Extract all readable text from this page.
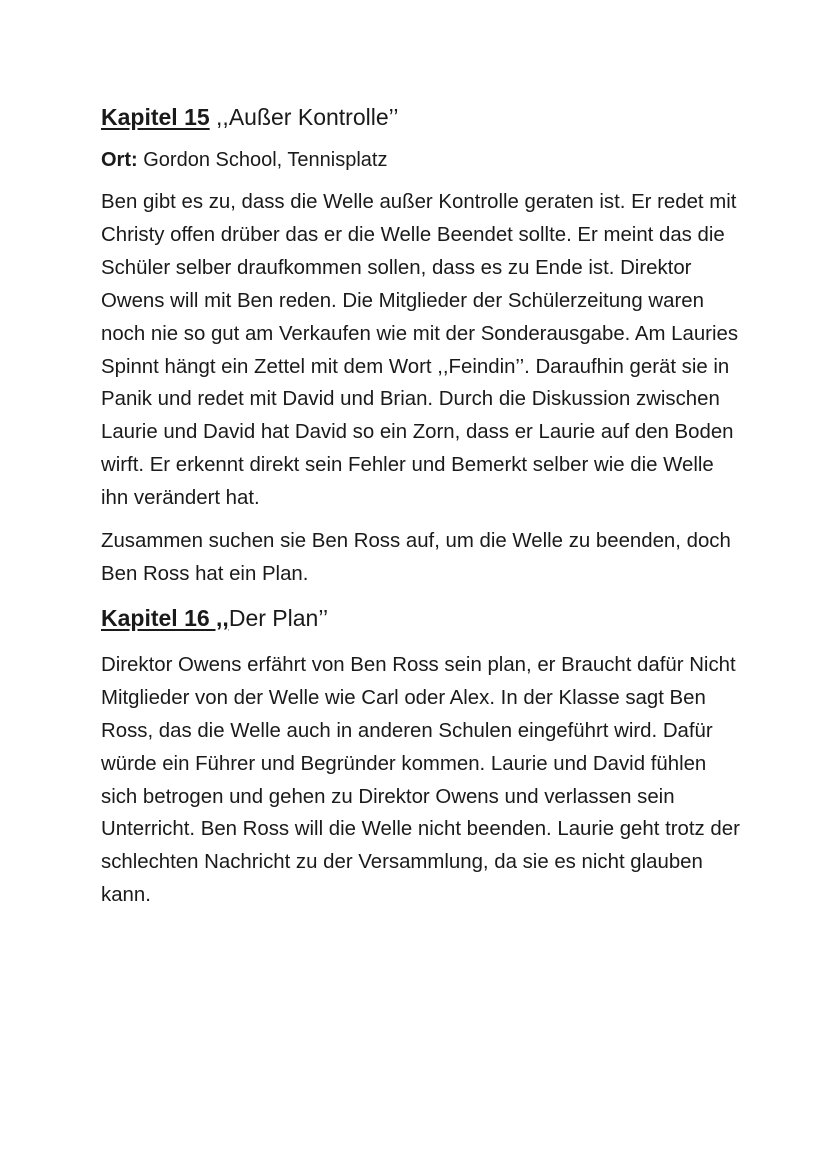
Kapitel 15 ,,Außer Kontrolle’’
Ort: Gordon School, Tennisplatz

Ben gibt es zu, dass die Welle außer Kontrolle geraten ist. Er redet mit Christy offen drüber das er die Welle Beendet sollte. Er meint das die Schüler selber draufkommen sollen, dass es zu Ende ist. Direktor Owens will mit Ben reden. Die Mitglieder der Schülerzeitung waren noch nie so gut am Verkaufen wie mit der Sonderausgabe. Am Lauries Spinnt hängt ein Zettel mit dem Wort ,,Feindin’’. Daraufhin gerät sie in Panik und redet mit David und Brian. Durch die Diskussion zwischen Laurie und David hat David so ein Zorn, dass er Laurie auf den Boden wirft. Er erkennt direkt sein Fehler und Bemerkt selber wie die Welle ihn verändert hat.

Zusammen suchen sie Ben Ross auf, um die Welle zu beenden, doch Ben Ross hat ein Plan.

Kapitel 16 ,,Der Plan’’

Direktor Owens erfährt von Ben Ross sein plan, er Braucht dafür Nicht Mitglieder von der Welle wie Carl oder Alex. In der Klasse sagt Ben Ross, das die Welle auch in anderen Schulen eingeführt wird. Dafür würde ein Führer und Begründer kommen. Laurie und David fühlen sich betrogen und gehen zu Direktor Owens und verlassen sein Unterricht. Ben Ross will die Welle nicht beenden. Laurie geht trotz der schlechten Nachricht zu der Versammlung, da sie es nicht glauben kann.
